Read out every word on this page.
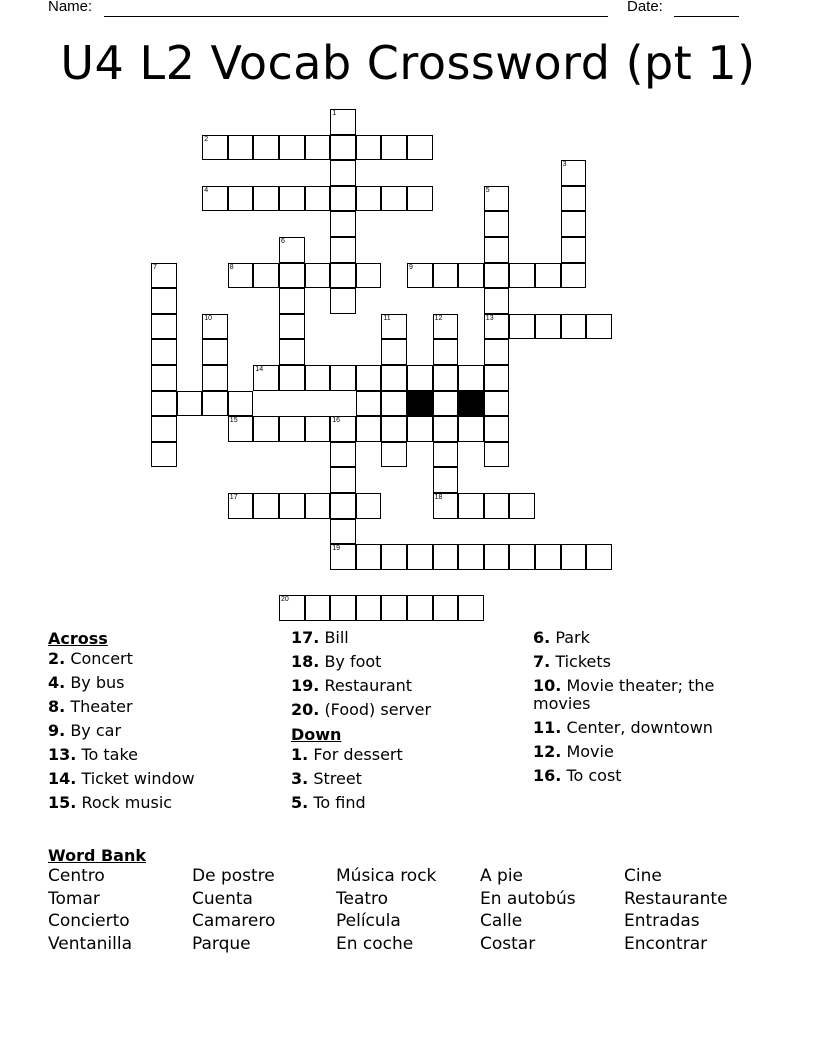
Name:	Date:
U4 L2 Vocab Crossword (pt 1)
1
2
3
4	5
13
6
7	8	9
10	11	12
18
14
15	16
19
17
20
Across
2. Concert
4. By bus
8. Theater
9. By car
13. To take
14. Ticket window
15. Rock music
17. Bill
18. By foot
19. Restaurant
20. (Food) server
Down
1. For dessert
3. Street
5. To find
6. Park
7. Tickets
10. Movie theater; the movies
11. Center, downtown
12. Movie
16. To cost
Word Bank
Centro	De postre	Música rock	A pie	Cine
Tomar	Cuenta	Teatro	En autobús	Restaurante
Concierto	Camarero	Película	Calle	Entradas
Ventanilla	Parque	En coche	Costar	Encontrar
